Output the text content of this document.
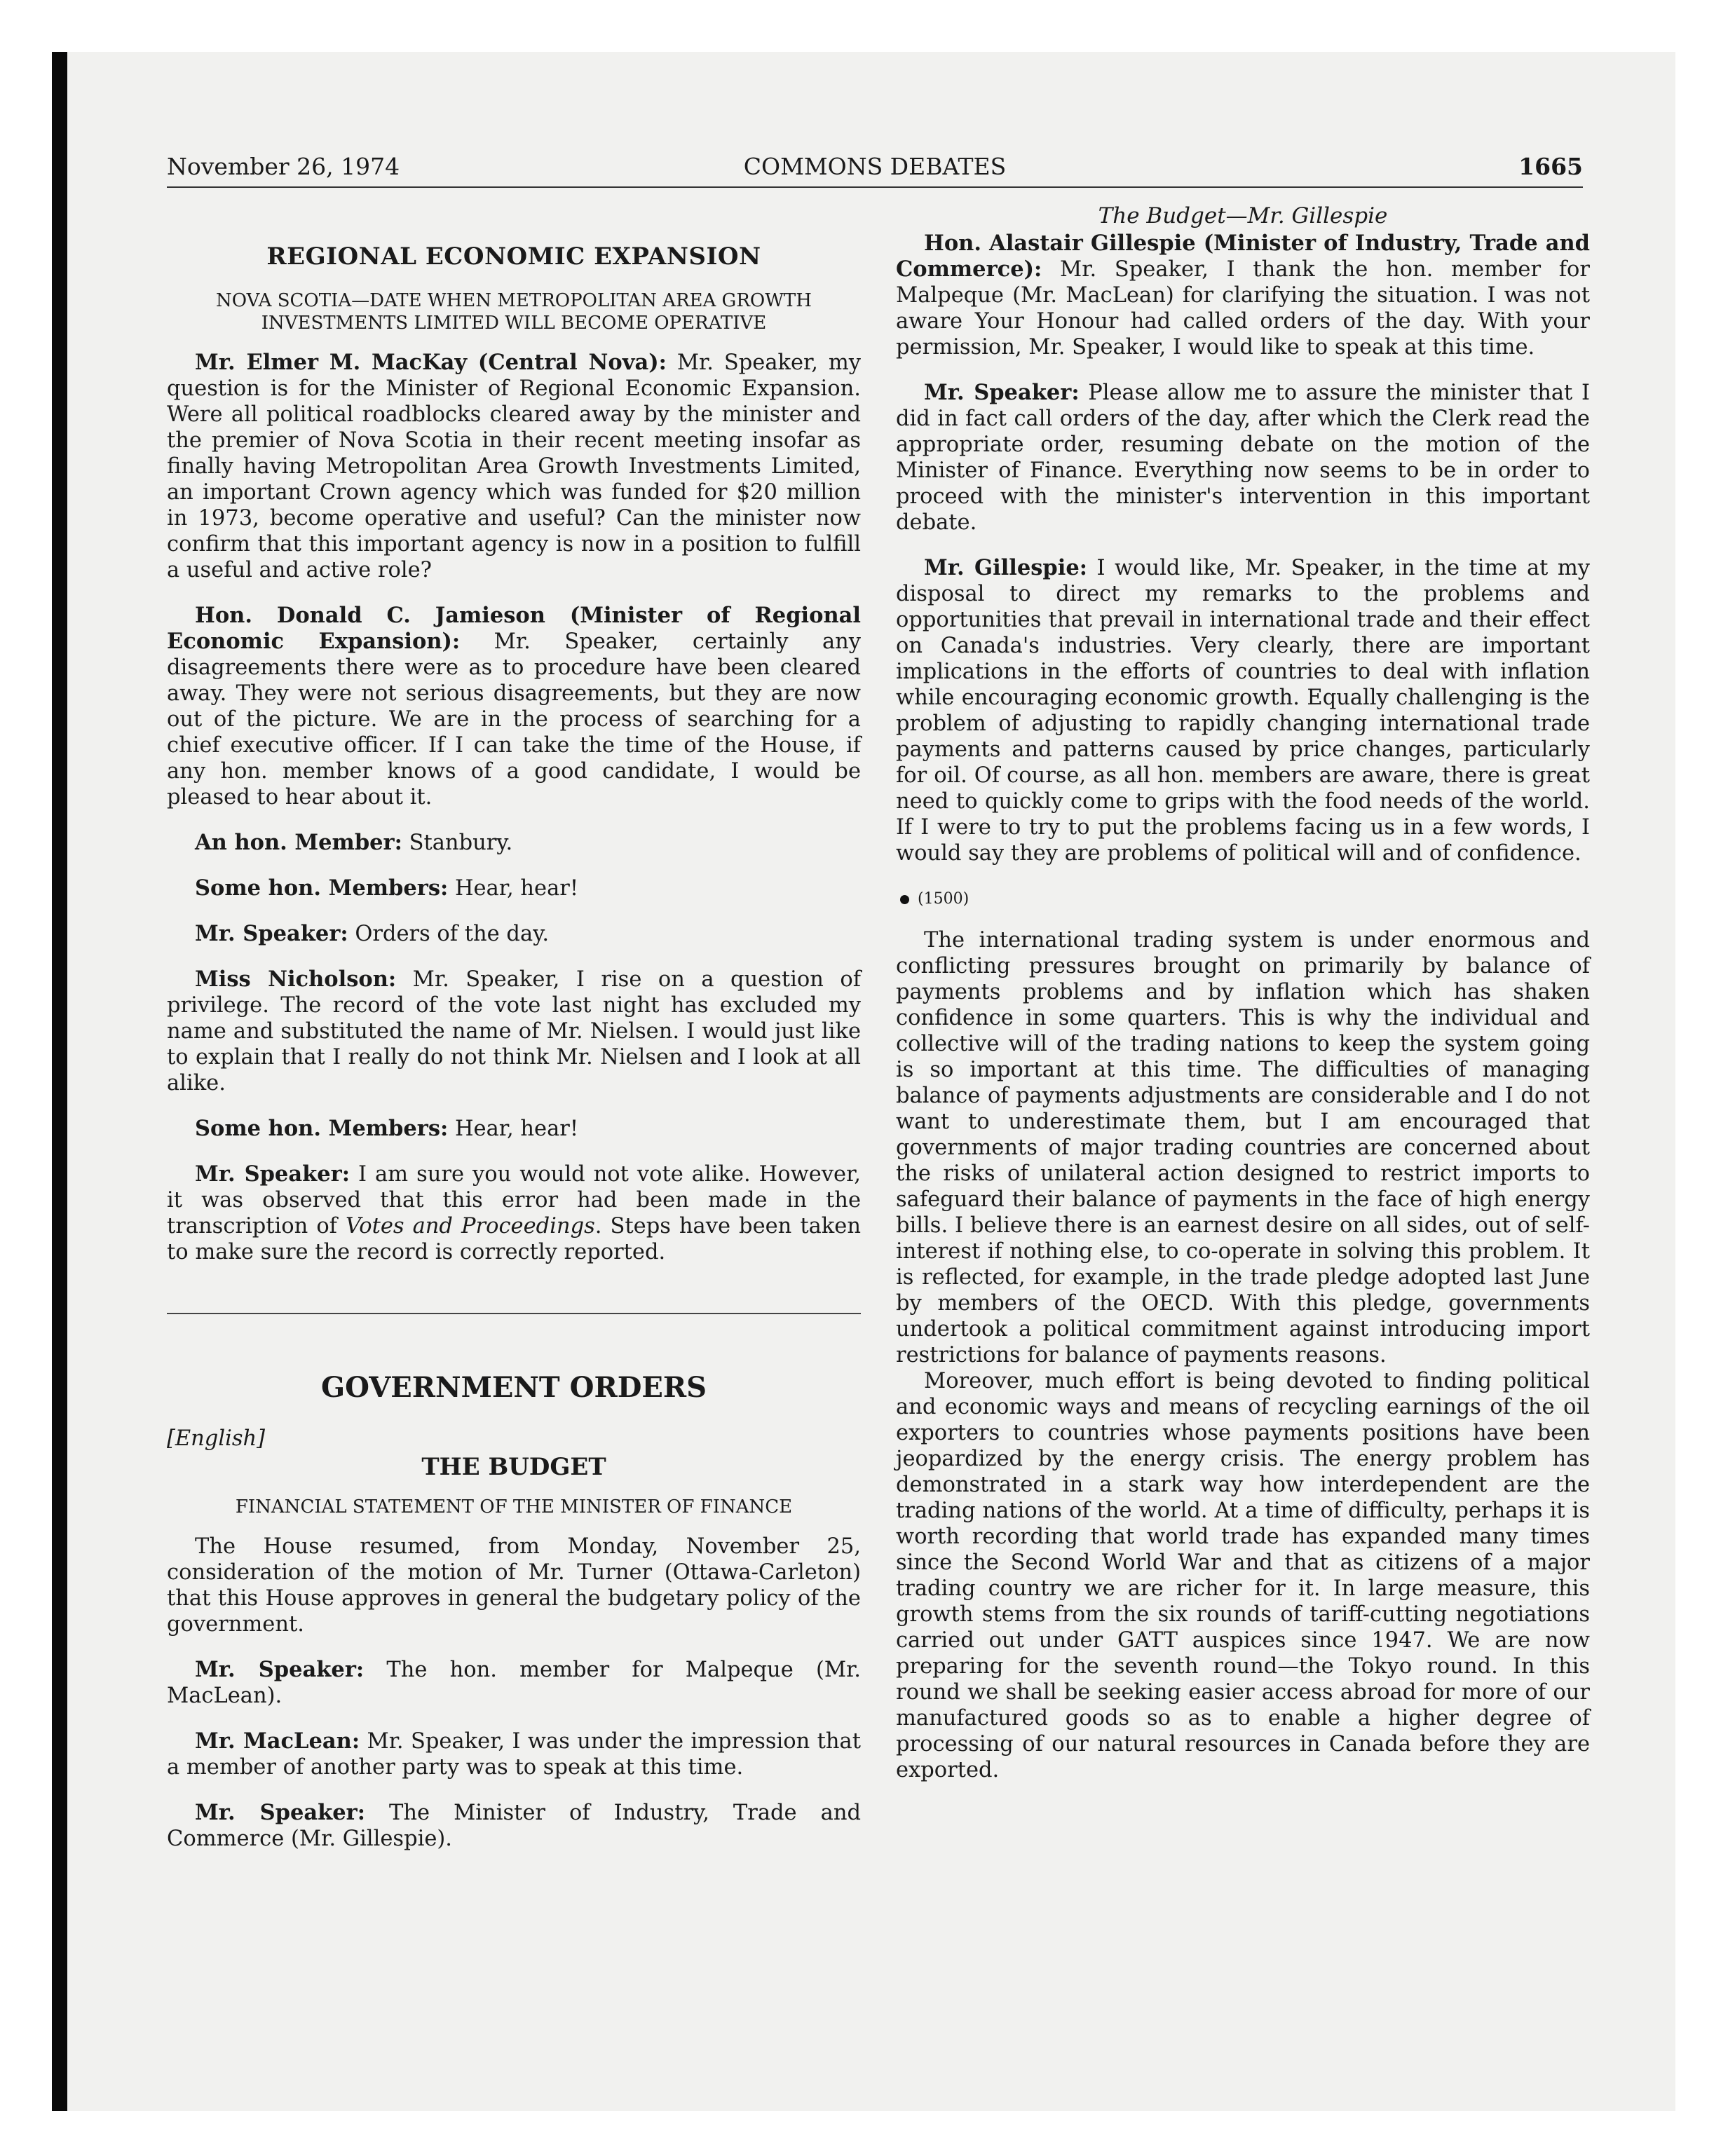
November 26, 1974	COMMONS DEBATES	1665
REGIONAL ECONOMIC EXPANSION
NOVA SCOTIA—DATE WHEN METROPOLITAN AREA GROWTH INVESTMENTS LIMITED WILL BECOME OPERATIVE

Mr. Elmer M. MacKay (Central Nova): Mr. Speaker, my question is for the Minister of Regional Economic Expansion. Were all political roadblocks cleared away by the minister and the premier of Nova Scotia in their recent meeting insofar as finally having Metropolitan Area Growth Investments Limited, an important Crown agency which was funded for $20 million in 1973, become operative and useful? Can the minister now confirm that this important agency is now in a position to fulfill a useful and active role?

Hon. Donald C. Jamieson (Minister of Regional Economic Expansion): Mr. Speaker, certainly any disagreements there were as to procedure have been cleared away. They were not serious disagreements, but they are now out of the picture. We are in the process of searching for a chief executive officer. If I can take the time of the House, if any hon. member knows of a good candidate, I would be pleased to hear about it.

An hon. Member: Stanbury.

Some hon. Members: Hear, hear!

Mr. Speaker: Orders of the day.

Miss Nicholson: Mr. Speaker, I rise on a question of privilege. The record of the vote last night has excluded my name and substituted the name of Mr. Nielsen. I would just like to explain that I really do not think Mr. Nielsen and I look at all alike.

Some hon. Members: Hear, hear!

Mr. Speaker: I am sure you would not vote alike. However, it was observed that this error had been made in the transcription of Votes and Proceedings. Steps have been taken to make sure the record is correctly reported.

GOVERNMENT ORDERS
[English]
THE BUDGET
FINANCIAL STATEMENT OF THE MINISTER OF FINANCE

The House resumed, from Monday, November 25, consideration of the motion of Mr. Turner (Ottawa-Carleton) that this House approves in general the budgetary policy of the government.

Mr. Speaker: The hon. member for Malpeque (Mr. MacLean).

Mr. MacLean: Mr. Speaker, I was under the impression that a member of another party was to speak at this time.

Mr. Speaker: The Minister of Industry, Trade and Commerce (Mr. Gillespie).

The Budget—Mr. Gillespie

Hon. Alastair Gillespie (Minister of Industry, Trade and Commerce): Mr. Speaker, I thank the hon. member for Malpeque (Mr. MacLean) for clarifying the situation. I was not aware Your Honour had called orders of the day. With your permission, Mr. Speaker, I would like to speak at this time.

Mr. Speaker: Please allow me to assure the minister that I did in fact call orders of the day, after which the Clerk read the appropriate order, resuming debate on the motion of the Minister of Finance. Everything now seems to be in order to proceed with the minister's intervention in this important debate.

Mr. Gillespie: I would like, Mr. Speaker, in the time at my disposal to direct my remarks to the problems and opportunities that prevail in international trade and their effect on Canada's industries. Very clearly, there are important implications in the efforts of countries to deal with inflation while encouraging economic growth. Equally challenging is the problem of adjusting to rapidly changing international trade payments and patterns caused by price changes, particularly for oil. Of course, as all hon. members are aware, there is great need to quickly come to grips with the food needs of the world. If I were to try to put the problems facing us in a few words, I would say they are problems of political will and of confidence.

(1500)

The international trading system is under enormous and conflicting pressures brought on primarily by balance of payments problems and by inflation which has shaken confidence in some quarters. This is why the individual and collective will of the trading nations to keep the system going is so important at this time. The difficulties of managing balance of payments adjustments are considerable and I do not want to underestimate them, but I am encouraged that governments of major trading countries are concerned about the risks of unilateral action designed to restrict imports to safeguard their balance of payments in the face of high energy bills. I believe there is an earnest desire on all sides, out of self-interest if nothing else, to co-operate in solving this problem. It is reflected, for example, in the trade pledge adopted last June by members of the OECD. With this pledge, governments undertook a political commitment against introducing import restrictions for balance of payments reasons.

Moreover, much effort is being devoted to finding political and economic ways and means of recycling earnings of the oil exporters to countries whose payments positions have been jeopardized by the energy crisis. The energy problem has demonstrated in a stark way how interdependent are the trading nations of the world. At a time of difficulty, perhaps it is worth recording that world trade has expanded many times since the Second World War and that as citizens of a major trading country we are richer for it. In large measure, this growth stems from the six rounds of tariff-cutting negotiations carried out under GATT auspices since 1947. We are now preparing for the seventh round—the Tokyo round. In this round we shall be seeking easier access abroad for more of our manufactured goods so as to enable a higher degree of processing of our natural resources in Canada before they are exported.
